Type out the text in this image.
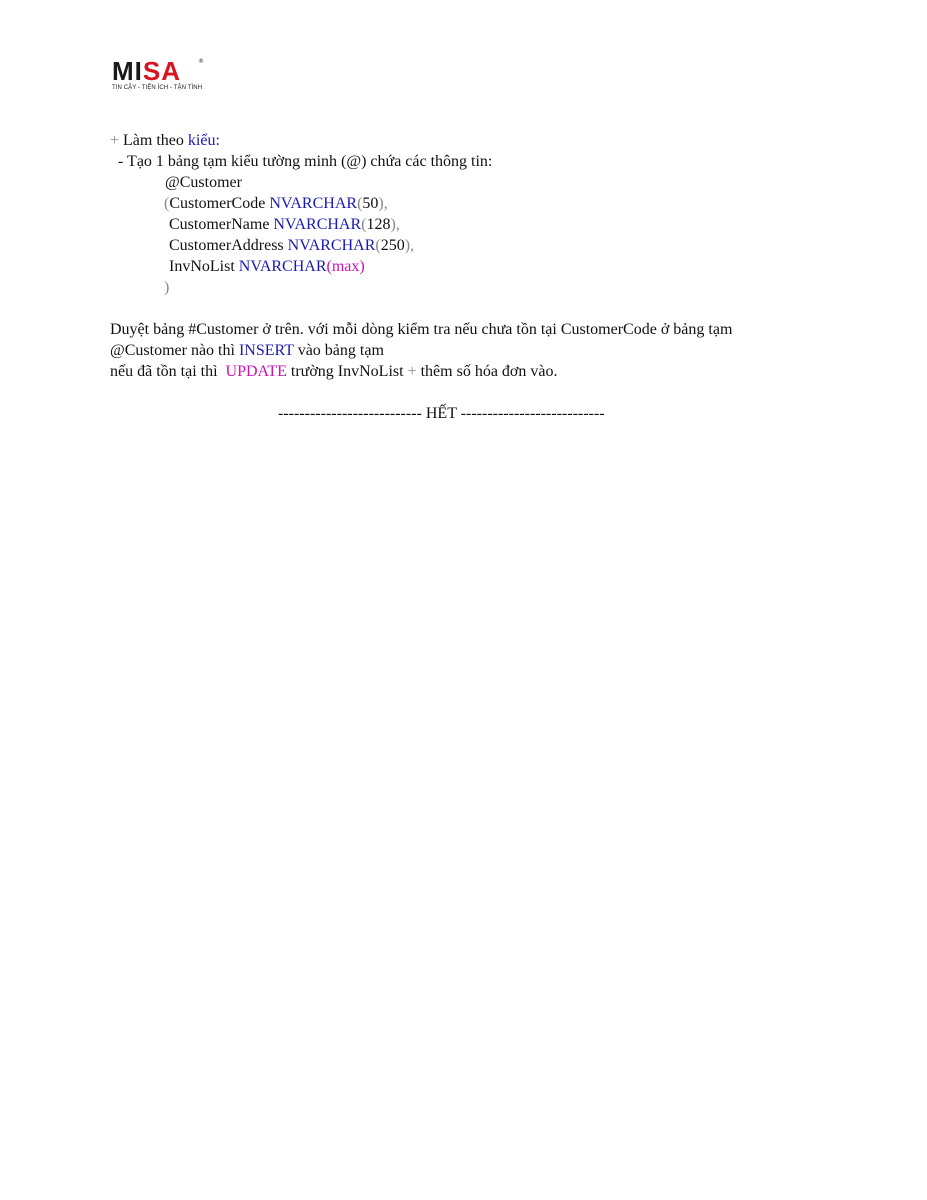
MISA	®
TIN CẬY - TIỆN ÍCH - TẬN TÌNH
+ Làm theo kiểu:
- Tạo 1 bảng tạm kiểu tường minh (@) chứa các thông tin:
@Customer
(CustomerCode NVARCHAR(50),
CustomerName NVARCHAR(128),
CustomerAddress NVARCHAR(250),
InvNoList NVARCHAR(max)
)
Duyệt bảng #Customer ở trên. với mỗi dòng kiểm tra nếu chưa tồn tại CustomerCode ở bảng tạm
@Customer nào thì INSERT vào bảng tạm
nếu đã tồn tại thì UPDATE trường InvNoList + thêm số hóa đơn vào.
--------------------------- HẾT ---------------------------
